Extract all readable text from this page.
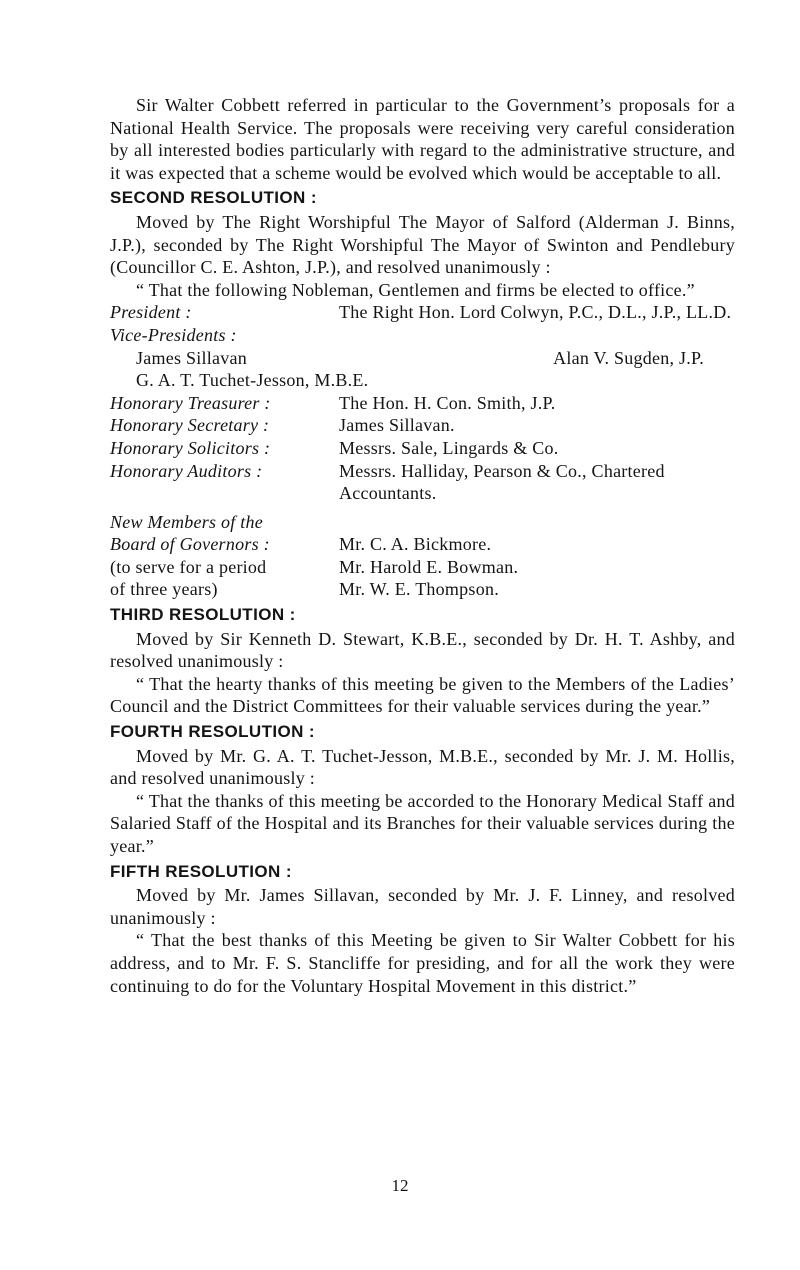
Sir Walter Cobbett referred in particular to the Government’s proposals for a National Health Service. The proposals were receiving very careful consideration by all interested bodies particularly with regard to the administrative structure, and it was expected that a scheme would be evolved which would be acceptable to all.

SECOND RESOLUTION :

Moved by The Right Worshipful The Mayor of Salford (Alderman J. Binns, J.P.), seconded by The Right Worshipful The Mayor of Swinton and Pendlebury (Councillor C. E. Ashton, J.P.), and resolved unanimously :

“ That the following Nobleman, Gentlemen and firms be elected to office.”

President :	The Right Hon. Lord Colwyn, P.C., D.L., J.P., LL.D.

Vice-Presidents :

James Sillavan	Alan V. Sugden, J.P.

G. A. T. Tuchet-Jesson, M.B.E.

Honorary Treasurer :	The Hon. H. Con. Smith, J.P.
Honorary Secretary :	James Sillavan.
Honorary Solicitors :	Messrs. Sale, Lingards & Co.
Honorary Auditors :	Messrs. Halliday, Pearson & Co., Chartered Accountants.
New Members of the
Board of Governors :	Mr. C. A. Bickmore.
(to serve for a period	Mr. Harold E. Bowman.
of three years)	Mr. W. E. Thompson.

THIRD RESOLUTION :

Moved by Sir Kenneth D. Stewart, K.B.E., seconded by Dr. H. T. Ashby, and resolved unanimously :

“ That the hearty thanks of this meeting be given to the Members of the Ladies’ Council and the District Committees for their valuable services during the year.”

FOURTH RESOLUTION :

Moved by Mr. G. A. T. Tuchet-Jesson, M.B.E., seconded by Mr. J. M. Hollis, and resolved unanimously :

“ That the thanks of this meeting be accorded to the Honorary Medical Staff and Salaried Staff of the Hospital and its Branches for their valuable services during the year.”

FIFTH RESOLUTION :

Moved by Mr. James Sillavan, seconded by Mr. J. F. Linney, and resolved unanimously :

“ That the best thanks of this Meeting be given to Sir Walter Cobbett for his address, and to Mr. F. S. Stancliffe for presiding, and for all the work they were continuing to do for the Voluntary Hospital Movement in this district.”

12
